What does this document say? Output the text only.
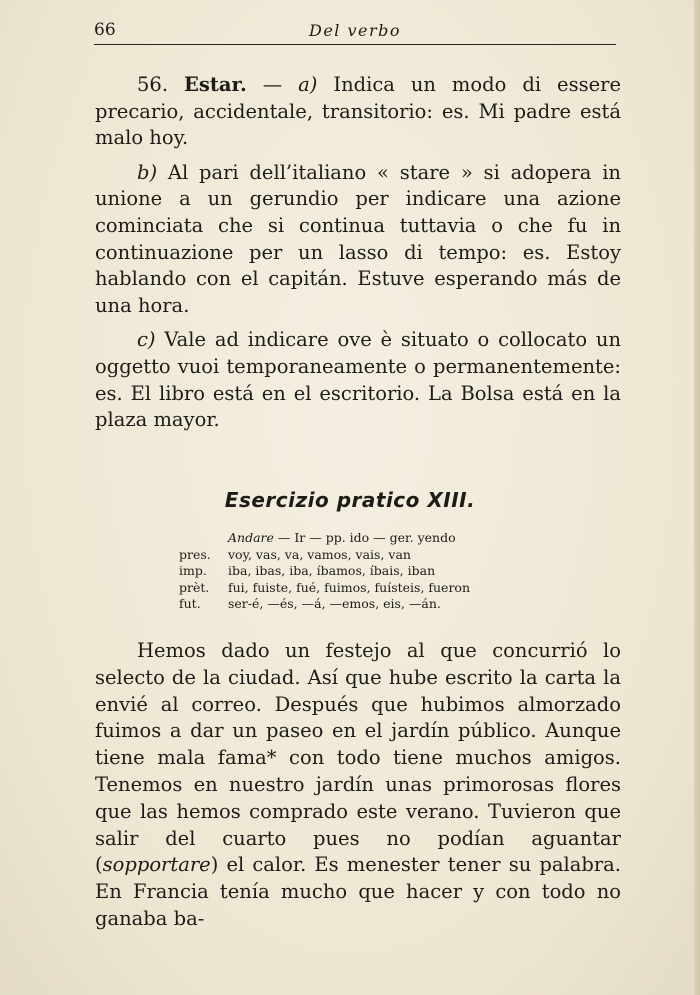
66	Del verbo

56. Estar. — a) Indica un modo di essere precario, accidentale, transitorio: es. Mi padre está malo hoy.

b) Al pari dell’italiano « stare » si adopera in unione a un gerundio per indicare una azione cominciata che si continua tuttavia o che fu in continuazione per un lasso di tempo: es. Estoy hablando con el capitán. Estuve esperando más de una hora.

c) Vale ad indicare ove è situato o collocato un oggetto vuoi temporaneamente o permanentemente: es. El libro está en el escritorio. La Bolsa está en la plaza mayor.

Esercizio pratico XIII.
Andare — Ir — pp. ido — ger. yendo
pres. voy, vas, va, vamos, vais, van
imp. iba, ibas, iba, íbamos, íbais, iban
prèt. fui, fuiste, fué, fuimos, fuísteis, fueron
fut. ser-é, —és, —á, —emos, eis, —án.

Hemos dado un festejo al que concurrió lo selecto de la ciudad. Así que hube escrito la carta la envié al correo. Después que hubimos almorzado fuimos a dar un paseo en el jardín público. Aunque tiene mala fama* con todo tiene muchos amigos. Tenemos en nuestro jardín unas primorosas flores que las hemos comprado este verano. Tuvieron que salir del cuarto pues no podían aguantar (sopportare) el calor. Es menester tener su palabra. En Francia tenía mucho que hacer y con todo no ganaba ba-
